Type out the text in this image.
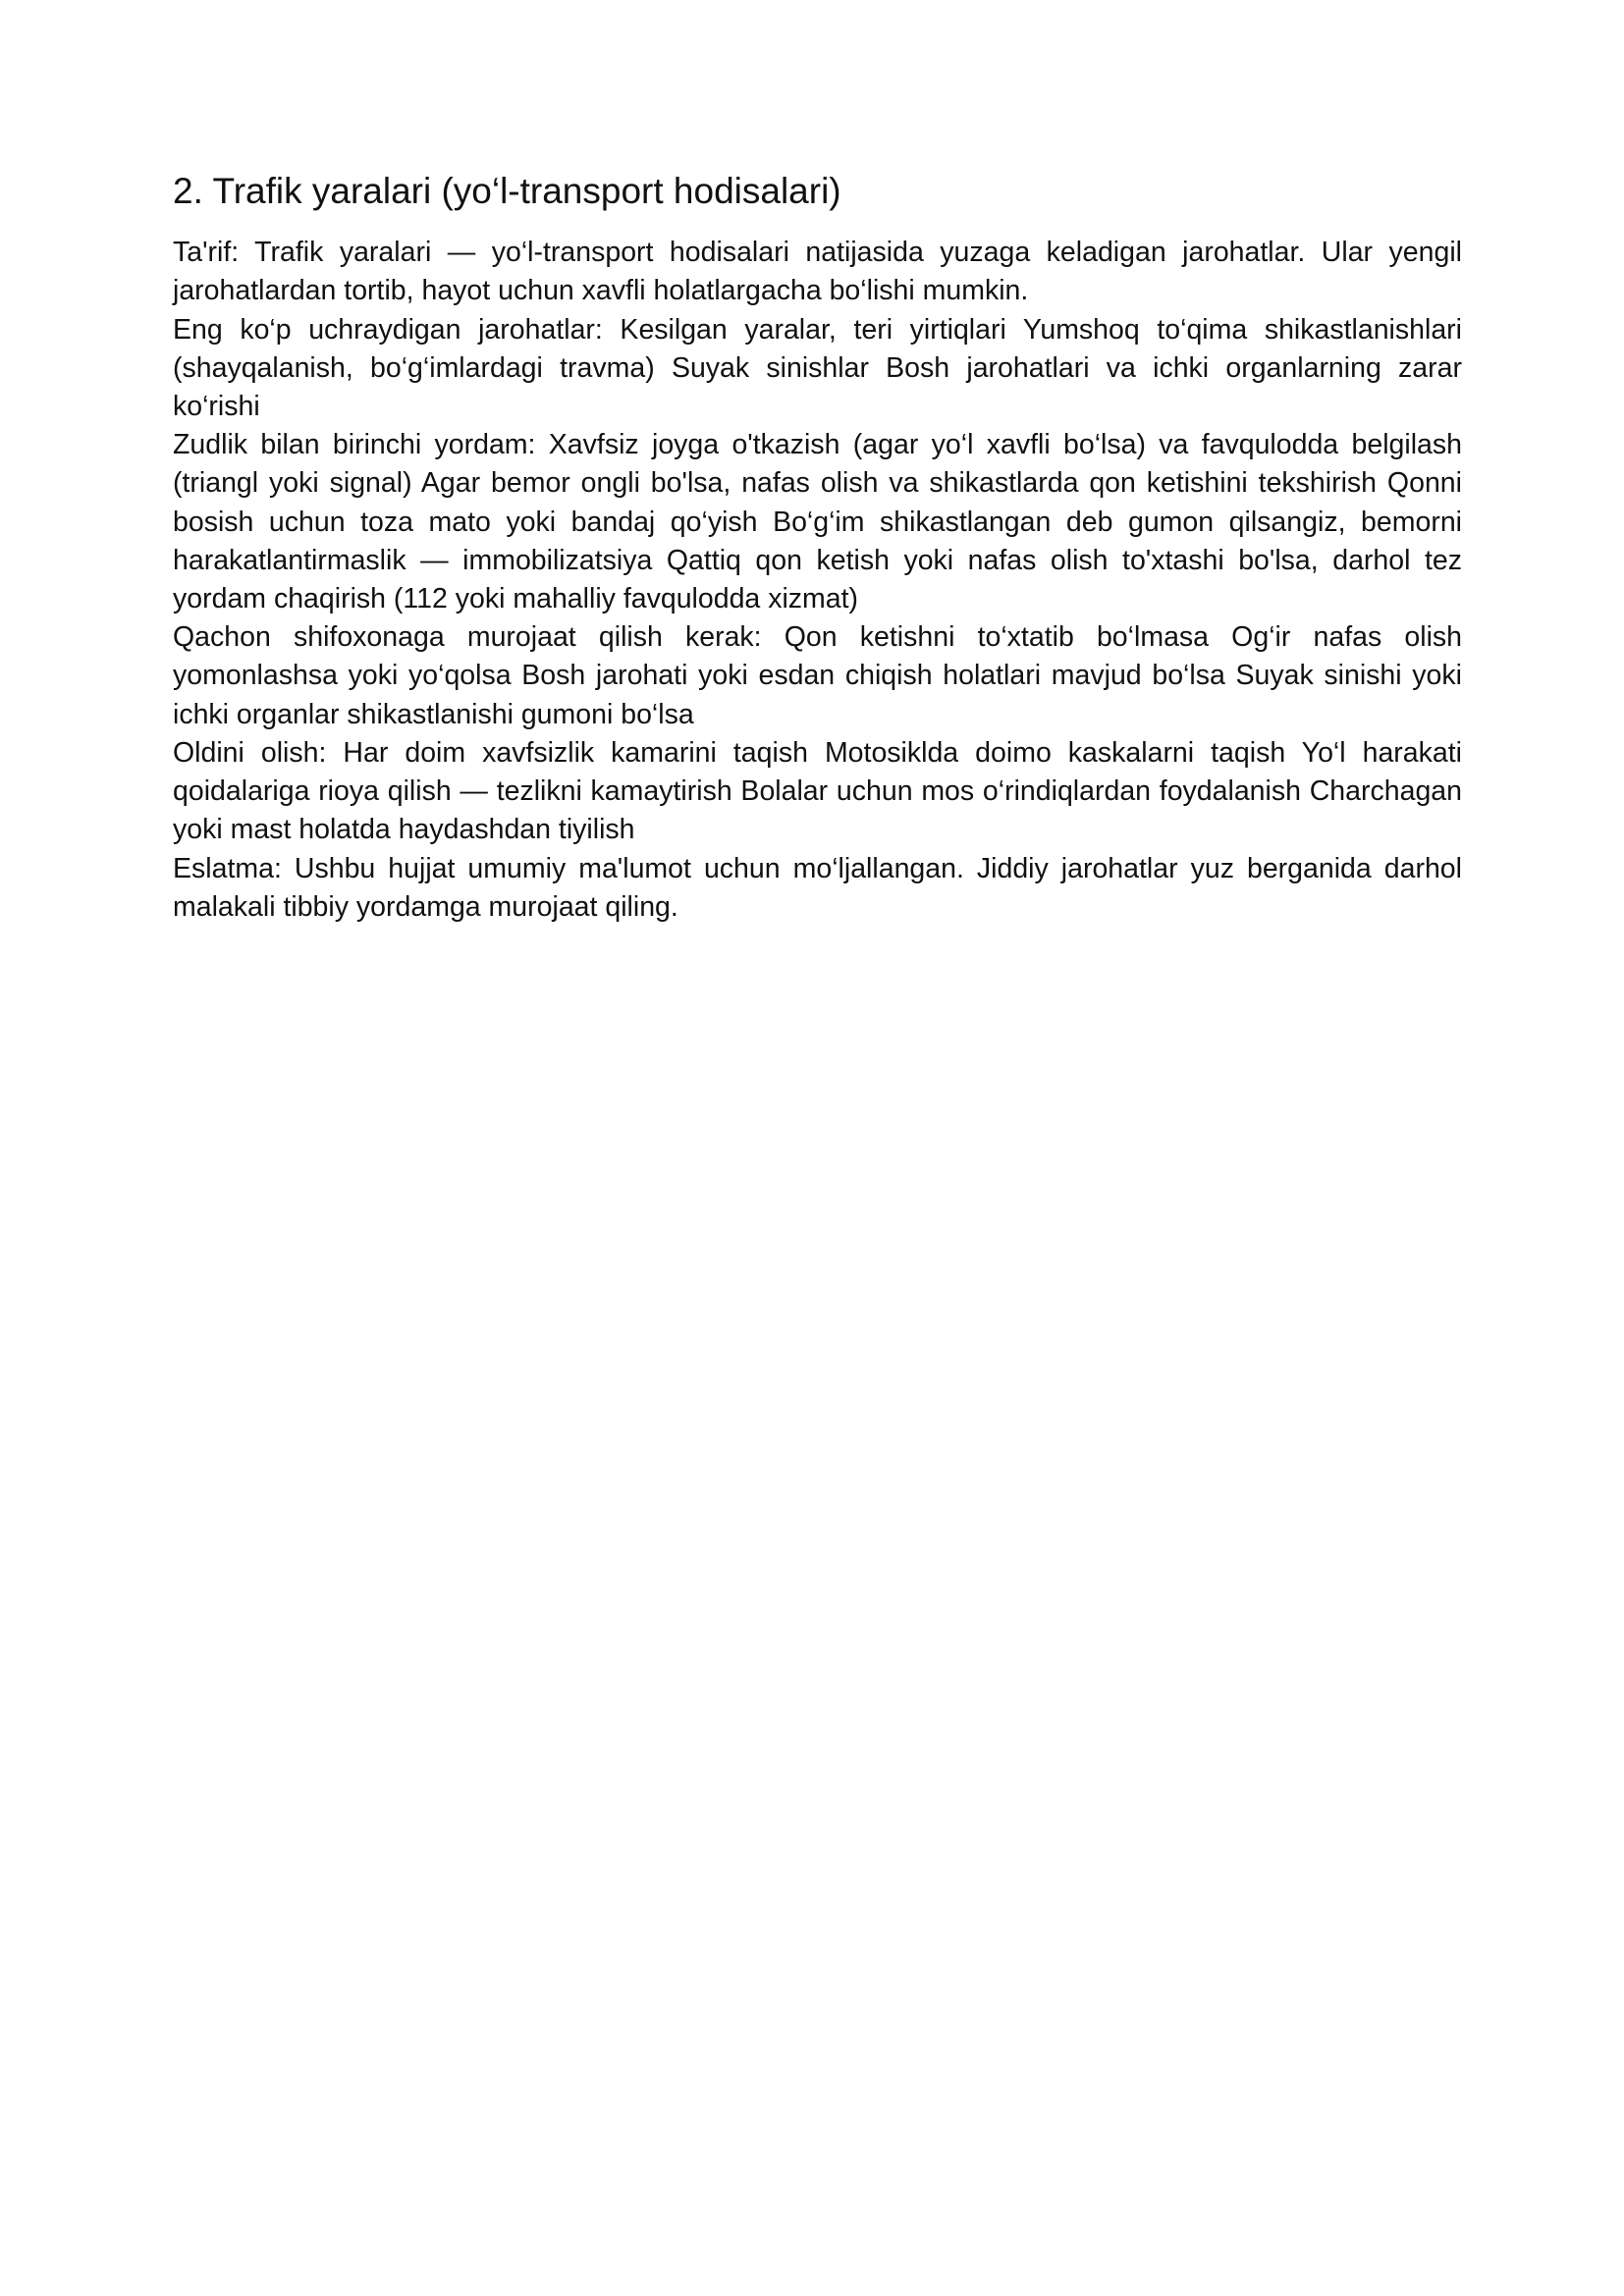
2. Trafik yaralari (yo‘l-transport hodisalari)

Ta'rif: Trafik yaralari — yo‘l-transport hodisalari natijasida yuzaga keladigan jarohatlar. Ular yengil jarohatlardan tortib, hayot uchun xavfli holatlargacha bo‘lishi mumkin.

Eng ko‘p uchraydigan jarohatlar: Kesilgan yaralar, teri yirtiqlari Yumshoq to‘qima shikastlanishlari (shayqalanish, bo‘g‘imlardagi travma) Suyak sinishlar Bosh jarohatlari va ichki organlarning zarar ko‘rishi

Zudlik bilan birinchi yordam: Xavfsiz joyga o'tkazish (agar yo‘l xavfli bo‘lsa) va favqulodda belgilash (triangl yoki signal) Agar bemor ongli bo'lsa, nafas olish va shikastlarda qon ketishini tekshirish Qonni bosish uchun toza mato yoki bandaj qo‘yish Bo‘g‘im shikastlangan deb gumon qilsangiz, bemorni harakatlantirmaslik — immobilizatsiya Qattiq qon ketish yoki nafas olish to'xtashi bo'lsa, darhol tez yordam chaqirish (112 yoki mahalliy favqulodda xizmat)

Qachon shifoxonaga murojaat qilish kerak: Qon ketishni to‘xtatib bo‘lmasa Og‘ir nafas olish yomonlashsa yoki yo‘qolsa Bosh jarohati yoki esdan chiqish holatlari mavjud bo‘lsa Suyak sinishi yoki ichki organlar shikastlanishi gumoni bo‘lsa

Oldini olish: Har doim xavfsizlik kamarini taqish Motosiklda doimo kaskalarni taqish Yo‘l harakati qoidalariga rioya qilish — tezlikni kamaytirish Bolalar uchun mos o‘rindiqlardan foydalanish Charchagan yoki mast holatda haydashdan tiyilish

Eslatma: Ushbu hujjat umumiy ma'lumot uchun mo‘ljallangan. Jiddiy jarohatlar yuz berganida darhol malakali tibbiy yordamga murojaat qiling.
